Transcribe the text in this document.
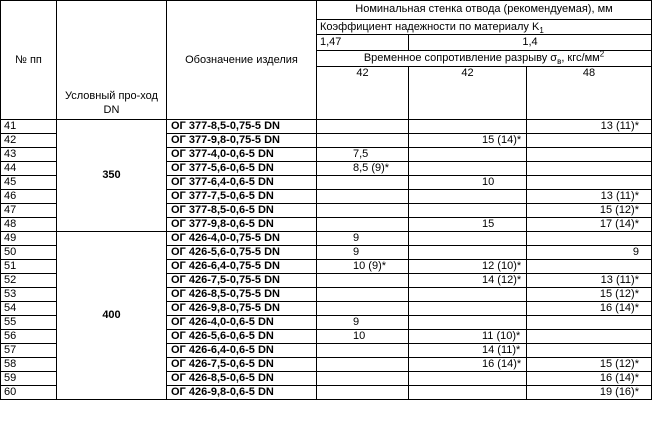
№ пп	Условный про-ход DN	Обозначение изделия	Номинальная стенка отвода (рекомендуемая), мм		
			Коэффициент надежности по материалу $K_1$
			1,47	1,4	
			Временное сопротивление разрыву $\sigma_в$, кгс/$мм^2$
			42	42	48
41	350	ОГ 377-8,5-0,75-5 DN			13 (11)*
42		ОГ 377-9,8-0,75-5 DN		15 (14)*	
43		ОГ 377-4,0-0,6-5 DN	7,5		
44		ОГ 377-5,6-0,6-5 DN	8,5 (9)*		
45		ОГ 377-6,4-0,6-5 DN		10	
46		ОГ 377-7,5-0,6-5 DN			13 (11)*
47		ОГ 377-8,5-0,6-5 DN			15 (12)*
48		ОГ 377-9,8-0,6-5 DN		15	17 (14)*
49	400	ОГ 426-4,0-0,75-5 DN	9		
50		ОГ 426-5,6-0,75-5 DN	9		9
51		ОГ 426-6,4-0,75-5 DN	10 (9)*	12 (10)*	
52		ОГ 426-7,5-0,75-5 DN		14 (12)*	13 (11)*
53		ОГ 426-8,5-0,75-5 DN			15 (12)*
54		ОГ 426-9,8-0,75-5 DN			16 (14)*
55		ОГ 426-4,0-0,6-5 DN	9		
56		ОГ 426-5,6-0,6-5 DN	10	11 (10)*	
57		ОГ 426-6,4-0,6-5 DN		14 (11)*	
58		ОГ 426-7,5-0,6-5 DN		16 (14)*	15 (12)*
59		ОГ 426-8,5-0,6-5 DN			16 (14)*
60		ОГ 426-9,8-0,6-5 DN			19 (16)*
